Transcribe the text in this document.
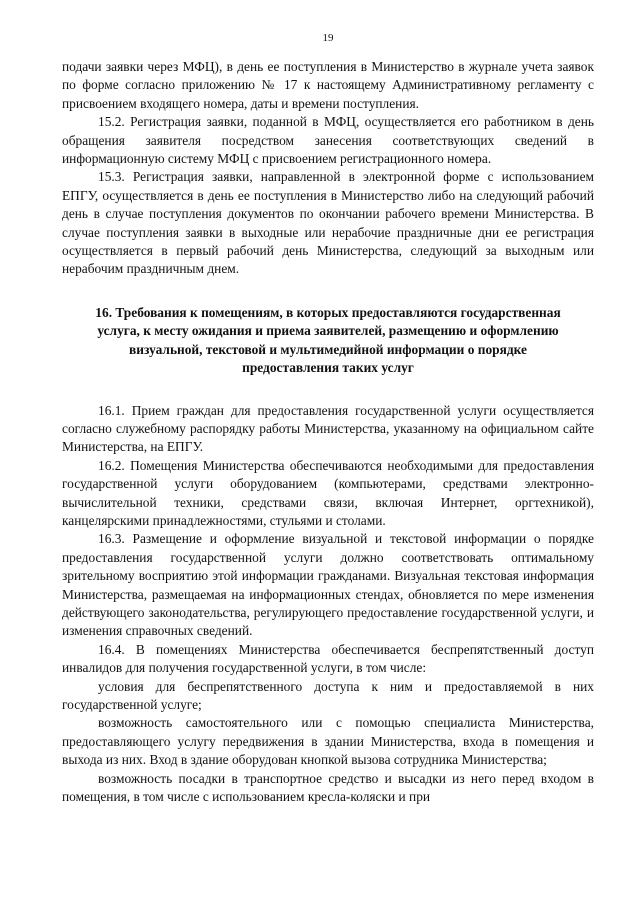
19

подачи заявки через МФЦ), в день ее поступления в Министерство в журнале учета заявок по форме согласно приложению № 17 к настоящему Административному регламенту с присвоением входящего номера, даты и времени поступления.

15.2. Регистрация заявки, поданной в МФЦ, осуществляется его работником в день обращения заявителя посредством занесения соответствующих сведений в информационную систему МФЦ с присвоением регистрационного номера.

15.3. Регистрация заявки, направленной в электронной форме с использованием ЕПГУ, осуществляется в день ее поступления в Министерство либо на следующий рабочий день в случае поступления документов по окончании рабочего времени Министерства. В случае поступления заявки в выходные или нерабочие праздничные дни ее регистрация осуществляется в первый рабочий день Министерства, следующий за выходным или нерабочим праздничным днем.

16. Требования к помещениям, в которых предоставляются государственная услуга, к месту ожидания и приема заявителей, размещению и оформлению визуальной, текстовой и мультимедийной информации о порядке предоставления таких услуг

16.1. Прием граждан для предоставления государственной услуги осуществляется согласно служебному распорядку работы Министерства, указанному на официальном сайте Министерства, на ЕПГУ.

16.2. Помещения Министерства обеспечиваются необходимыми для предоставления государственной услуги оборудованием (компьютерами, средствами электронно-вычислительной техники, средствами связи, включая Интернет, оргтехникой), канцелярскими принадлежностями, стульями и столами.

16.3. Размещение и оформление визуальной и текстовой информации о порядке предоставления государственной услуги должно соответствовать оптимальному зрительному восприятию этой информации гражданами. Визуальная текстовая информация Министерства, размещаемая на информационных стендах, обновляется по мере изменения действующего законодательства, регулирующего предоставление государственной услуги, и изменения справочных сведений.

16.4. В помещениях Министерства обеспечивается беспрепятственный доступ инвалидов для получения государственной услуги, в том числе:

условия для беспрепятственного доступа к ним и предоставляемой в них государственной услуге;

возможность самостоятельного или с помощью специалиста Министерства, предоставляющего услугу передвижения в здании Министерства, входа в помещения и выхода из них. Вход в здание оборудован кнопкой вызова сотрудника Министерства;

возможность посадки в транспортное средство и высадки из него перед входом в помещения, в том числе с использованием кресла-коляски и при
